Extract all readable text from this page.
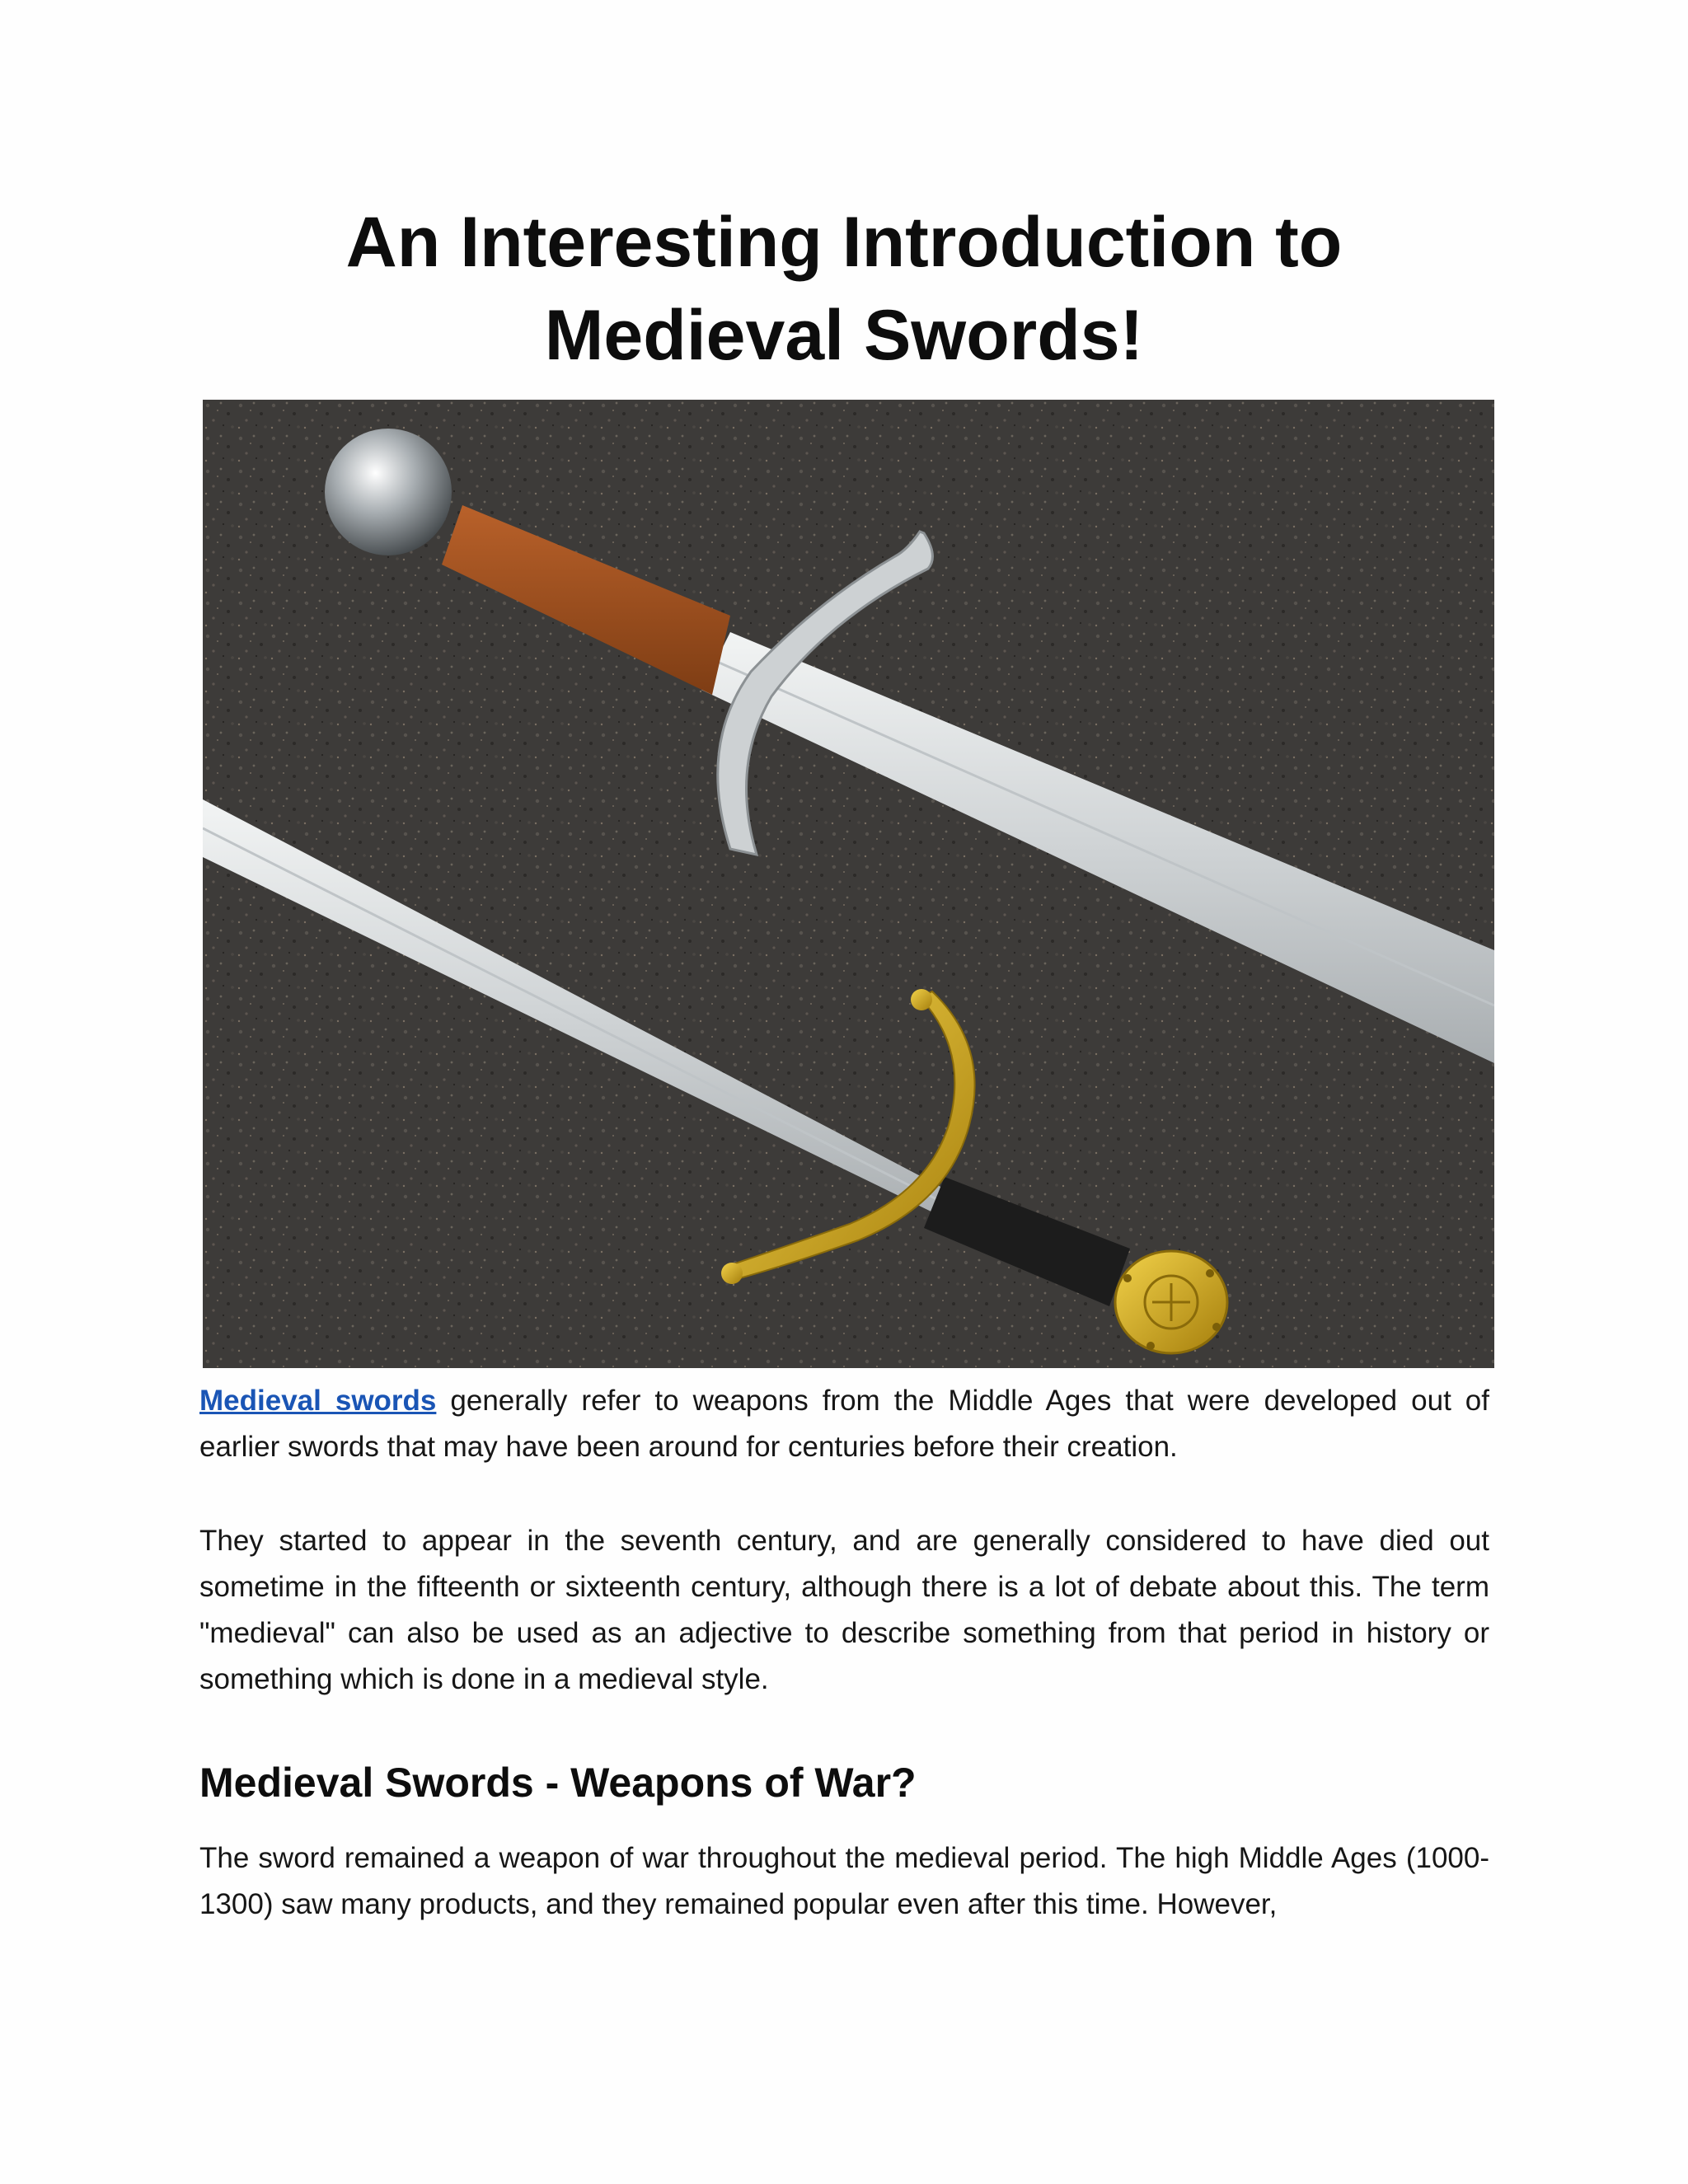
An Interesting Introduction to
Medieval Swords!

Medieval swords generally refer to weapons from the Middle Ages that were developed out of earlier swords that may have been around for centuries before their creation.

They started to appear in the seventh century, and are generally considered to have died out sometime in the fifteenth or sixteenth century, although there is a lot of debate about this. The term "medieval" can also be used as an adjective to describe something from that period in history or something which is done in a medieval style.

Medieval Swords - Weapons of War?

The sword remained a weapon of war throughout the medieval period. The high Middle Ages (1000-1300) saw many products, and they remained popular even after this time. However,
